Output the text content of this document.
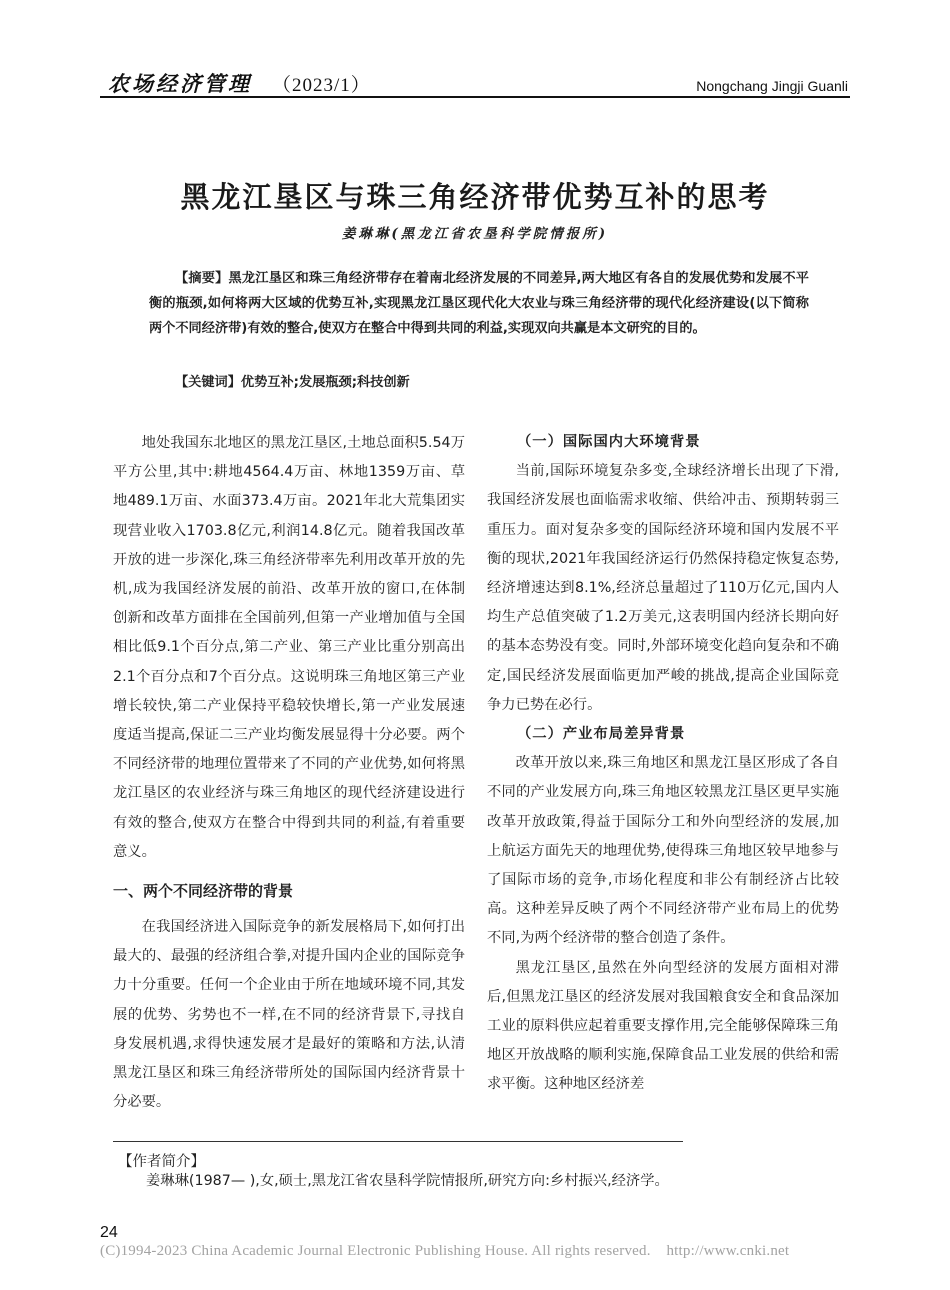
农场经济管理 （2023/1）	Nongchang Jingji Guanli
黑龙江垦区与珠三角经济带优势互补的思考
姜琳琳(黑龙江省农垦科学院情报所)
【摘要】黑龙江垦区和珠三角经济带存在着南北经济发展的不同差异,两大地区有各自的发展优势和发展不平衡的瓶颈,如何将两大区域的优势互补,实现黑龙江垦区现代化大农业与珠三角经济带的现代化经济建设(以下简称两个不同经济带)有效的整合,使双方在整合中得到共同的利益,实现双向共赢是本文研究的目的。
【关键词】优势互补;发展瓶颈;科技创新

地处我国东北地区的黑龙江垦区,土地总面积5.54万平方公里,其中:耕地4564.4万亩、林地1359万亩、草地489.1万亩、水面373.4万亩。2021年北大荒集团实现营业收入1703.8亿元,利润14.8亿元。随着我国改革开放的进一步深化,珠三角经济带率先利用改革开放的先机,成为我国经济发展的前沿、改革开放的窗口,在体制创新和改革方面排在全国前列,但第一产业增加值与全国相比低9.1个百分点,第二产业、第三产业比重分别高出2.1个百分点和7个百分点。这说明珠三角地区第三产业增长较快,第二产业保持平稳较快增长,第一产业发展速度适当提高,保证二三产业均衡发展显得十分必要。两个不同经济带的地理位置带来了不同的产业优势,如何将黑龙江垦区的农业经济与珠三角地区的现代经济建设进行有效的整合,使双方在整合中得到共同的利益,有着重要意义。

一、两个不同经济带的背景

在我国经济进入国际竞争的新发展格局下,如何打出最大的、最强的经济组合拳,对提升国内企业的国际竞争力十分重要。任何一个企业由于所在地域环境不同,其发展的优势、劣势也不一样,在不同的经济背景下,寻找自身发展机遇,求得快速发展才是最好的策略和方法,认清黑龙江垦区和珠三角经济带所处的国际国内经济背景十分必要。

（一）国际国内大环境背景

当前,国际环境复杂多变,全球经济增长出现了下滑,我国经济发展也面临需求收缩、供给冲击、预期转弱三重压力。面对复杂多变的国际经济环境和国内发展不平衡的现状,2021年我国经济运行仍然保持稳定恢复态势,经济增速达到8.1%,经济总量超过了110万亿元,国内人均生产总值突破了1.2万美元,这表明国内经济长期向好的基本态势没有变。同时,外部环境变化趋向复杂和不确定,国民经济发展面临更加严峻的挑战,提高企业国际竞争力已势在必行。

（二）产业布局差异背景

改革开放以来,珠三角地区和黑龙江垦区形成了各自不同的产业发展方向,珠三角地区较黑龙江垦区更早实施改革开放政策,得益于国际分工和外向型经济的发展,加上航运方面先天的地理优势,使得珠三角地区较早地参与了国际市场的竞争,市场化程度和非公有制经济占比较高。这种差异反映了两个不同经济带产业布局上的优势不同,为两个经济带的整合创造了条件。

黑龙江垦区,虽然在外向型经济的发展方面相对滞后,但黑龙江垦区的经济发展对我国粮食安全和食品深加工业的原料供应起着重要支撑作用,完全能够保障珠三角地区开放战略的顺利实施,保障食品工业发展的供给和需求平衡。这种地区经济差

【作者简介】
姜琳琳(1987— ),女,硕士,黑龙江省农垦科学院情报所,研究方向:乡村振兴,经济学。
24
(C)1994-2023 China Academic Journal Electronic Publishing House. All rights reserved.    http://www.cnki.net
